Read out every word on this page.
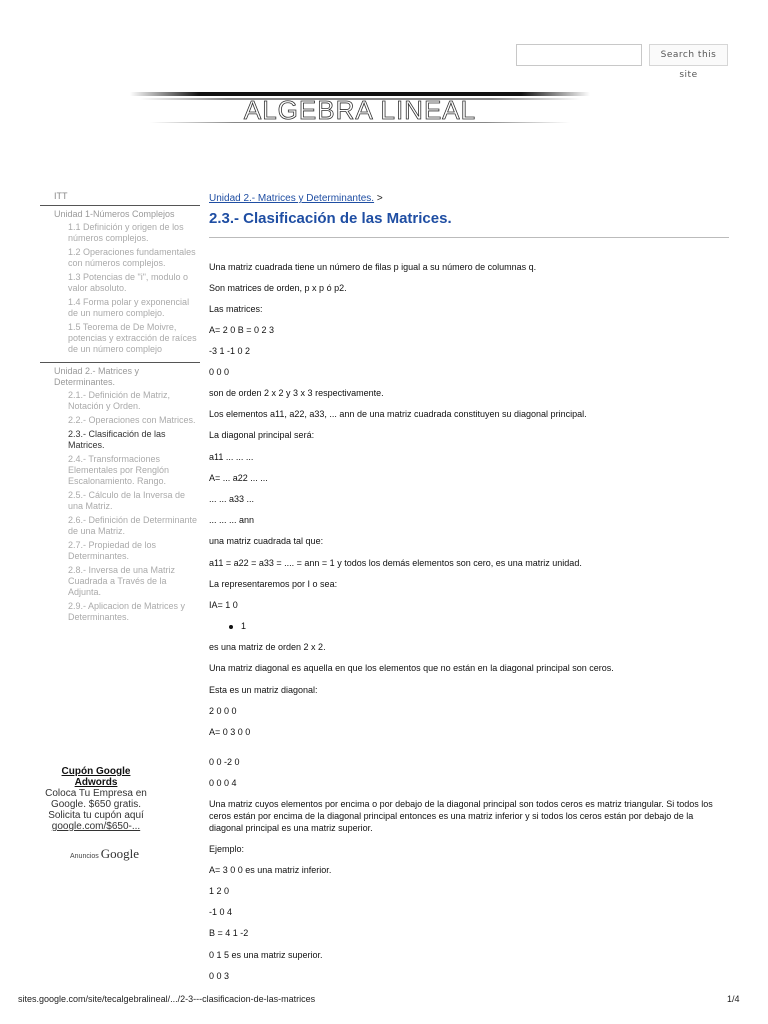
Search this site
ALGEBRA LINEAL
ITT
Unidad 1-Números Complejos
1.1 Definición y origen de los números complejos.
1.2 Operaciones fundamentales con números complejos.
1.3 Potencias de "i", modulo o valor absoluto.
1.4 Forma polar y exponencial de un numero complejo.
1.5 Teorema de De Moivre, potencias y extracción de raíces de un número complejo
Unidad 2.- Matrices y Determinantes.
2.1.- Definición de Matriz, Notación y Orden.
2.2.- Operaciones con Matrices.
2.3.- Clasificación de las Matrices.
2.4.- Transformaciones Elementales por Renglón Escalonamiento. Rango.
2.5.- Cálculo de la Inversa de una Matriz.
2.6.- Definición de Determinante de una Matriz.
2.7.- Propiedad de los Determinantes.
2.8.- Inversa de una Matriz Cuadrada a Través de la Adjunta.
2.9.- Aplicacion de Matrices y Determinantes.
Cupón Google Adwords
Coloca Tu Empresa en Google. $650 gratis. Solicita tu cupón aquí
google.com/$650-...
Anuncios Google
Unidad 2.- Matrices y Determinantes. >
2.3.- Clasificación de las Matrices.
Una matriz cuadrada tiene un número de filas p igual a su número de columnas q.
Son matrices de orden, p x p ó p2.
Las matrices:
A= 2 0 B = 0 2 3
-3 1 -1 0 2
0 0 0
son de orden 2 x 2 y 3 x 3 respectivamente.
Los elementos a11, a22, a33, ... ann de una matriz cuadrada constituyen su diagonal principal.
La diagonal principal será:
a11 ... ... ...
A= ... a22 ... ...
... ... a33 ...
... ... ... ann
una matriz cuadrada tal que:
a11 = a22 = a33 = .... = ann = 1 y todos los demás elementos son cero, es una matriz unidad.
La representaremos por I o sea:
IA= 1 0
1
es una matriz de orden 2 x 2.
Una matriz diagonal es aquella en que los elementos que no están en la diagonal principal son ceros.
Esta es un matriz diagonal:
2 0 0 0
A= 0 3 0 0
0 0 -2 0
0 0 0 4
Una matriz cuyos elementos por encima o por debajo de la diagonal principal son todos ceros es matriz triangular. Si todos los ceros están por encima de la diagonal principal entonces es una matriz inferior y si todos los ceros están por debajo de la diagonal principal es una matriz superior.
Ejemplo:
A= 3 0 0 es una matriz inferior.
1 2 0
-1 0 4
B = 4 1 -2
0 1 5 es una matriz superior.
0 0 3
sites.google.com/site/tecalgebralineal/.../2-3---clasificacion-de-las-matrices	1/4
